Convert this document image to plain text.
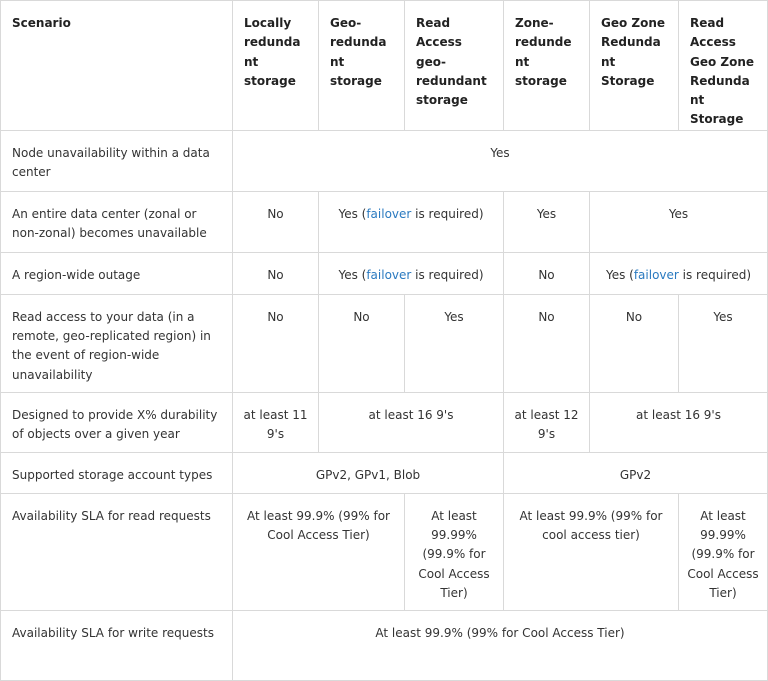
Scenario	Locally redundant storage	Geo-redundant storage	Read Access geo-redundant storage	Zone-redundent storage	Geo Zone Redundant Storage	Read Access Geo Zone Redundant Storage
Node unavailability within a data center	Yes					
An entire data center (zonal or non-zonal) becomes unavailable	No	Yes (failover is required)		Yes	Yes	
A region-wide outage	No	Yes (failover is required)		No	Yes (failover is required)	
Read access to your data (in a remote, geo-replicated region) in the event of region-wide unavailability	No	No	Yes	No	No	Yes
Designed to provide X% durability of objects over a given year	at least 11 9's	at least 16 9's		at least 12 9's	at least 16 9's	
Supported storage account types	GPv2, GPv1, Blob			GPv2		
Availability SLA for read requests	At least 99.9% (99% for Cool Access Tier)		At least 99.99% (99.9% for Cool Access Tier)	At least 99.9% (99% for cool access tier)		At least 99.99% (99.9% for Cool Access Tier)
Availability SLA for write requests	At least 99.9% (99% for Cool Access Tier)					
